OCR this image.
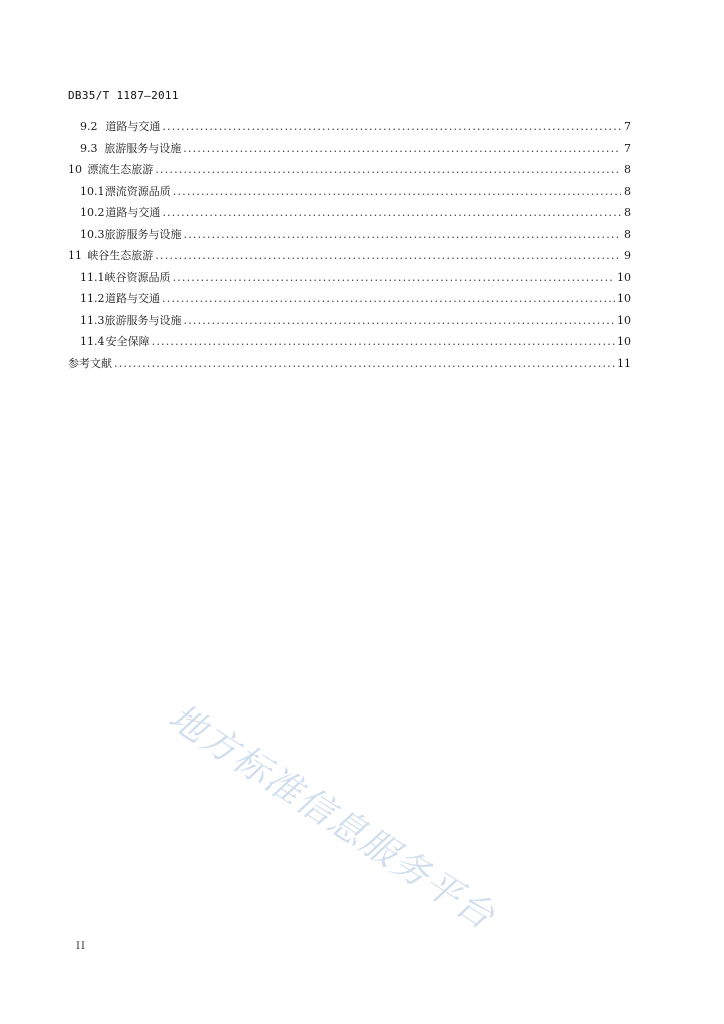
DB35/T 1187—2011
9.2 道路与交通 .....	7
9.3 旅游服务与设施 .....	7
10 漂流生态旅游 .....	8
10.1 漂流资源品质 .....	8
10.2 道路与交通 .....	8
10.3 旅游服务与设施 .....	8
11 峡谷生态旅游 .....	9
11.1 峡谷资源品质 .....	10
11.2 道路与交通 .....	10
11.3 旅游服务与设施 .....	10
11.4 安全保障 .....	10
参考文献 .....	11
地方标准信息服务平台
II
